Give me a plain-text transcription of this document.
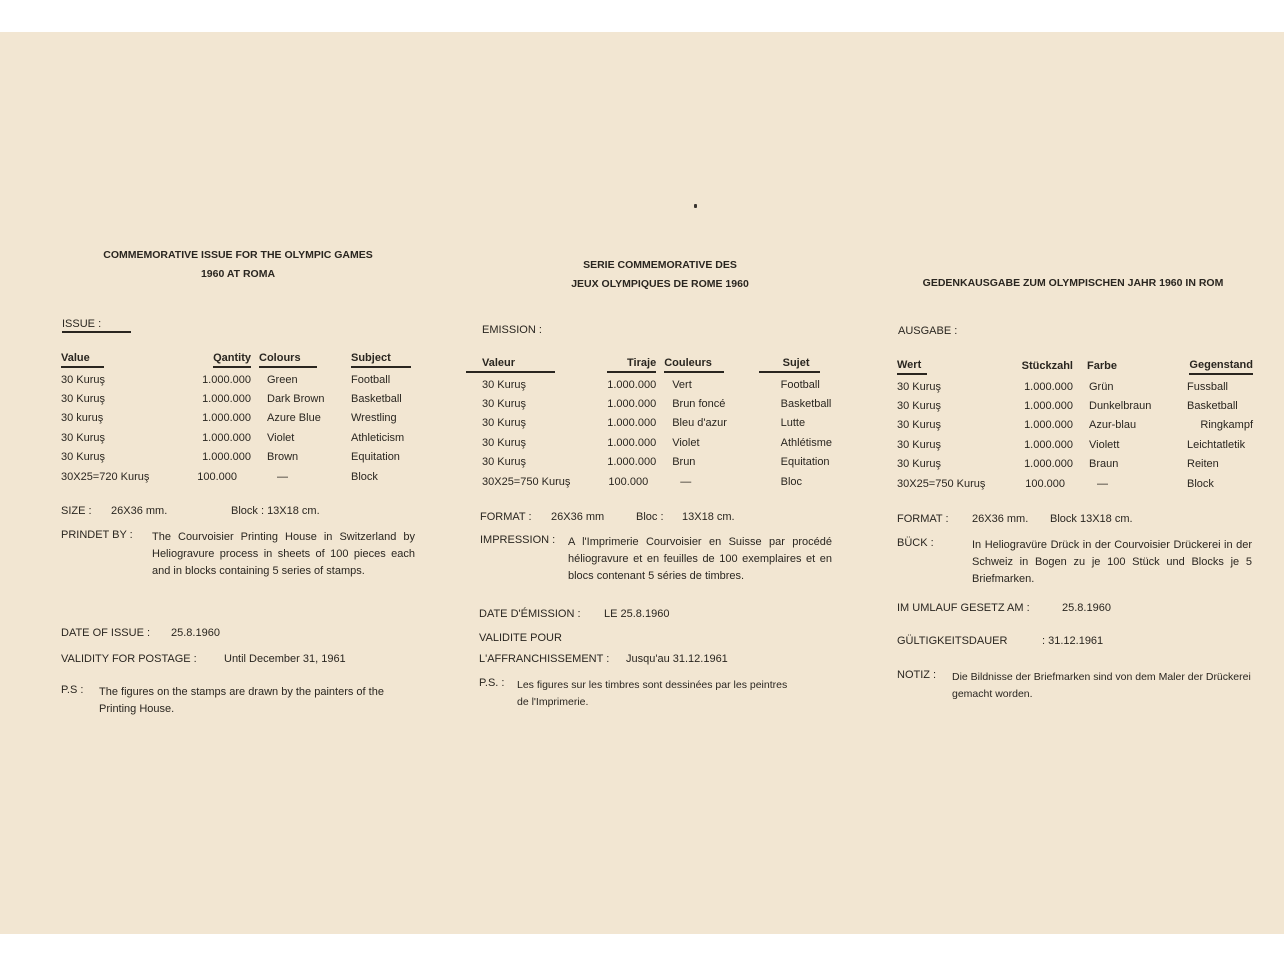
COMMEMORATIVE ISSUE FOR THE OLYMPIC GAMES
1960 AT ROMA
ISSUE :
Value	Qantity	Colours	Subject
30 Kuruş	1.000.000	Green	Football
30 Kuruş	1.000.000	Dark Brown	Basketball
30 kuruş	1.000.000	Azure Blue	Wrestling
30 Kuruş	1.000.000	Violet	Athleticism
30 Kuruş	1.000.000	Brown	Equitation
30X25=720 Kuruş	100.000	—	Block
SIZE : 26X36 mm.	Block : 13X18 cm.
PRINDET BY : The Courvoisier Printing House in Switzerland by Heliogravure process in sheets of 100 pieces each and in blocks containing 5 series of stamps.
DATE OF ISSUE : 25.8.1960
VALIDITY FOR POSTAGE : Until December 31, 1961
P.S : The figures on the stamps are drawn by the painters of the Printing House.
SERIE COMMEMORATIVE DES
JEUX OLYMPIQUES DE ROME 1960
EMISSION :
Valeur	Tiraje	Couleurs	Sujet
30 Kuruş	1.000.000	Vert	Football
30 Kuruş	1.000.000	Brun foncé	Basketball
30 Kuruş	1.000.000	Bleu d'azur	Lutte
30 Kuruş	1.000.000	Violet	Athlétisme
30 Kuruş	1.000.000	Brun	Equitation
30X25=750 Kuruş	100.000	—	Bloc
FORMAT : 26X36 mm	Bloc : 13X18 cm.
IMPRESSION : A l'Imprimerie Courvoisier en Suisse par procédé héliogravure et en feuilles de 100 exemplaires et en blocs contenant 5 séries de timbres.
DATE D'ÉMISSION : LE 25.8.1960
VALIDITE POUR
L'AFFRANCHISSEMENT : Jusqu'au 31.12.1961
P.S. : Les figures sur les timbres sont dessinées par les peintres de l'Imprimerie.
GEDENKAUSGABE ZUM OLYMPISCHEN JAHR 1960 IN ROM
AUSGABE :
Wert	Stückzahl	Farbe	Gegenstand
30 Kuruş	1.000.000	Grün	Fussball
30 Kuruş	1.000.000	Dunkelbraun	Basketball
30 Kuruş	1.000.000	Azur-blau	Ringkampf
30 Kuruş	1.000.000	Violett	Leichtatletik
30 Kuruş	1.000.000	Braun	Reiten
30X25=750 Kuruş	100.000	—	Block
FORMAT : 26X36 mm. Block 13X18 cm.
BÜCK :	In Heliogravüre Drück in der Courvoisier Drückerei in der Schweiz in Bogen zu je 100 Stück und Blocks je 5 Briefmarken.
IM UMLAUF GESETZ AM :	25.8.1960
GÜLTIGKEITSDAUER	: 31.12.1961
NOTIZ : Die Bildnisse der Briefmarken sind von dem Maler der Drückerei gemacht worden.
